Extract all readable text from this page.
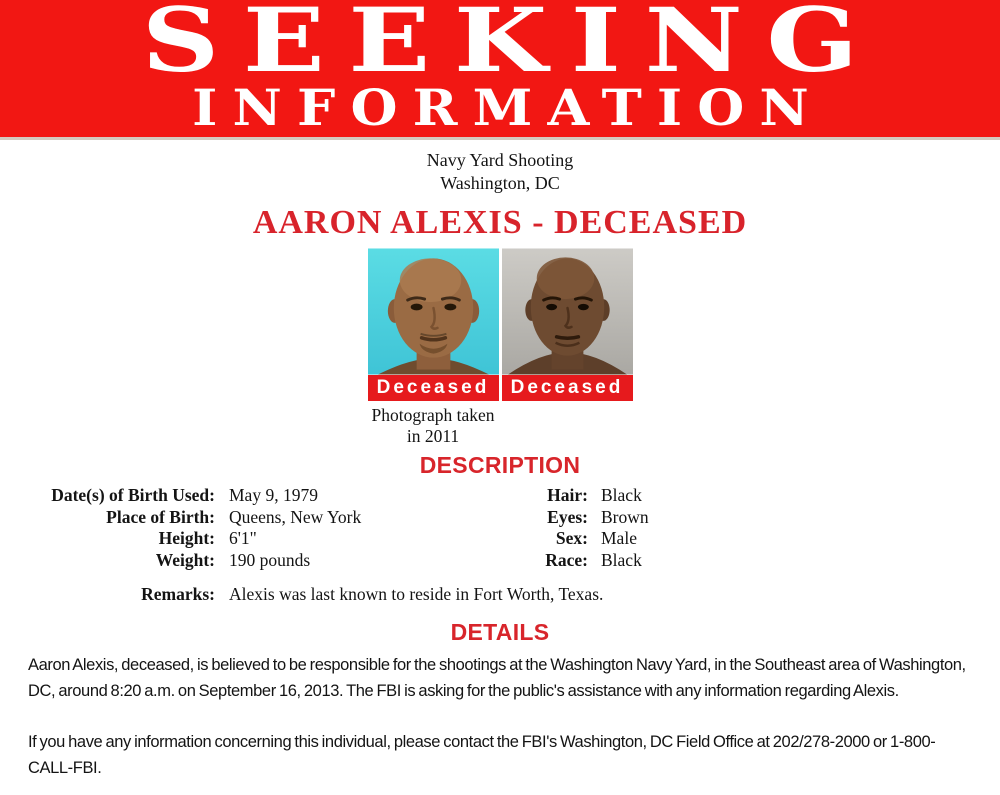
SEEKING
INFORMATION
Navy Yard Shooting
Washington, DC
AARON ALEXIS - DECEASED
Deceased Deceased
Photograph taken
in 2011
DESCRIPTION
Date(s) of Birth Used: May 9, 1979
Place of Birth: Queens, New York
Height: 6'1"
Weight: 190 pounds
Hair: Black
Eyes: Brown
Sex: Male
Race: Black
Remarks: Alexis was last known to reside in Fort Worth, Texas.
DETAILS

Aaron Alexis, deceased, is believed to be responsible for the shootings at the Washington Navy Yard, in the Southeast area of Washington, DC, around 8:20 a.m. on September 16, 2013. The FBI is asking for the public's assistance with any information regarding Alexis.

If you have any information concerning this individual, please contact the FBI's Washington, DC Field Office at 202/278-2000 or 1-800-CALL-FBI.
